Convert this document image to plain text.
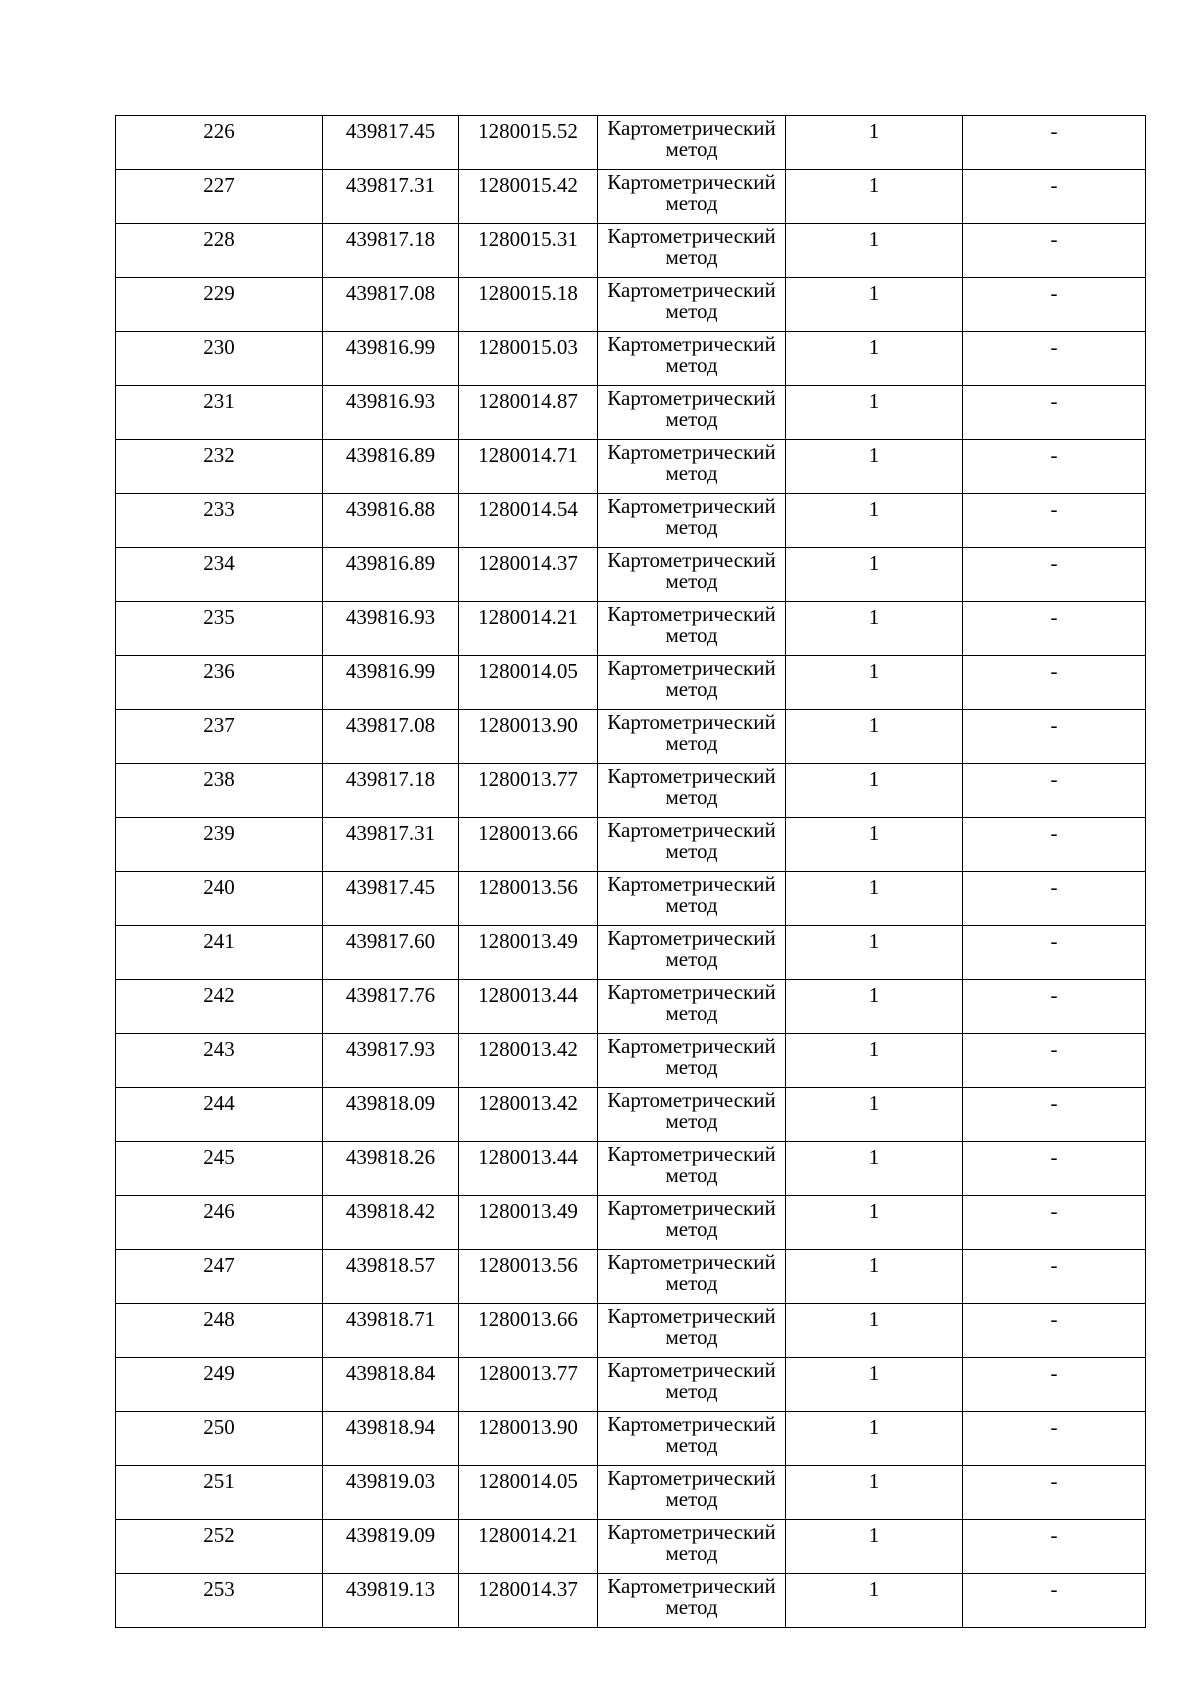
226	439817.45	1280015.52	Картометрический метод	1	-
227	439817.31	1280015.42	Картометрический метод	1	-
228	439817.18	1280015.31	Картометрический метод	1	-
229	439817.08	1280015.18	Картометрический метод	1	-
230	439816.99	1280015.03	Картометрический метод	1	-
231	439816.93	1280014.87	Картометрический метод	1	-
232	439816.89	1280014.71	Картометрический метод	1	-
233	439816.88	1280014.54	Картометрический метод	1	-
234	439816.89	1280014.37	Картометрический метод	1	-
235	439816.93	1280014.21	Картометрический метод	1	-
236	439816.99	1280014.05	Картометрический метод	1	-
237	439817.08	1280013.90	Картометрический метод	1	-
238	439817.18	1280013.77	Картометрический метод	1	-
239	439817.31	1280013.66	Картометрический метод	1	-
240	439817.45	1280013.56	Картометрический метод	1	-
241	439817.60	1280013.49	Картометрический метод	1	-
242	439817.76	1280013.44	Картометрический метод	1	-
243	439817.93	1280013.42	Картометрический метод	1	-
244	439818.09	1280013.42	Картометрический метод	1	-
245	439818.26	1280013.44	Картометрический метод	1	-
246	439818.42	1280013.49	Картометрический метод	1	-
247	439818.57	1280013.56	Картометрический метод	1	-
248	439818.71	1280013.66	Картометрический метод	1	-
249	439818.84	1280013.77	Картометрический метод	1	-
250	439818.94	1280013.90	Картометрический метод	1	-
251	439819.03	1280014.05	Картометрический метод	1	-
252	439819.09	1280014.21	Картометрический метод	1	-
253	439819.13	1280014.37	Картометрический метод	1	-
